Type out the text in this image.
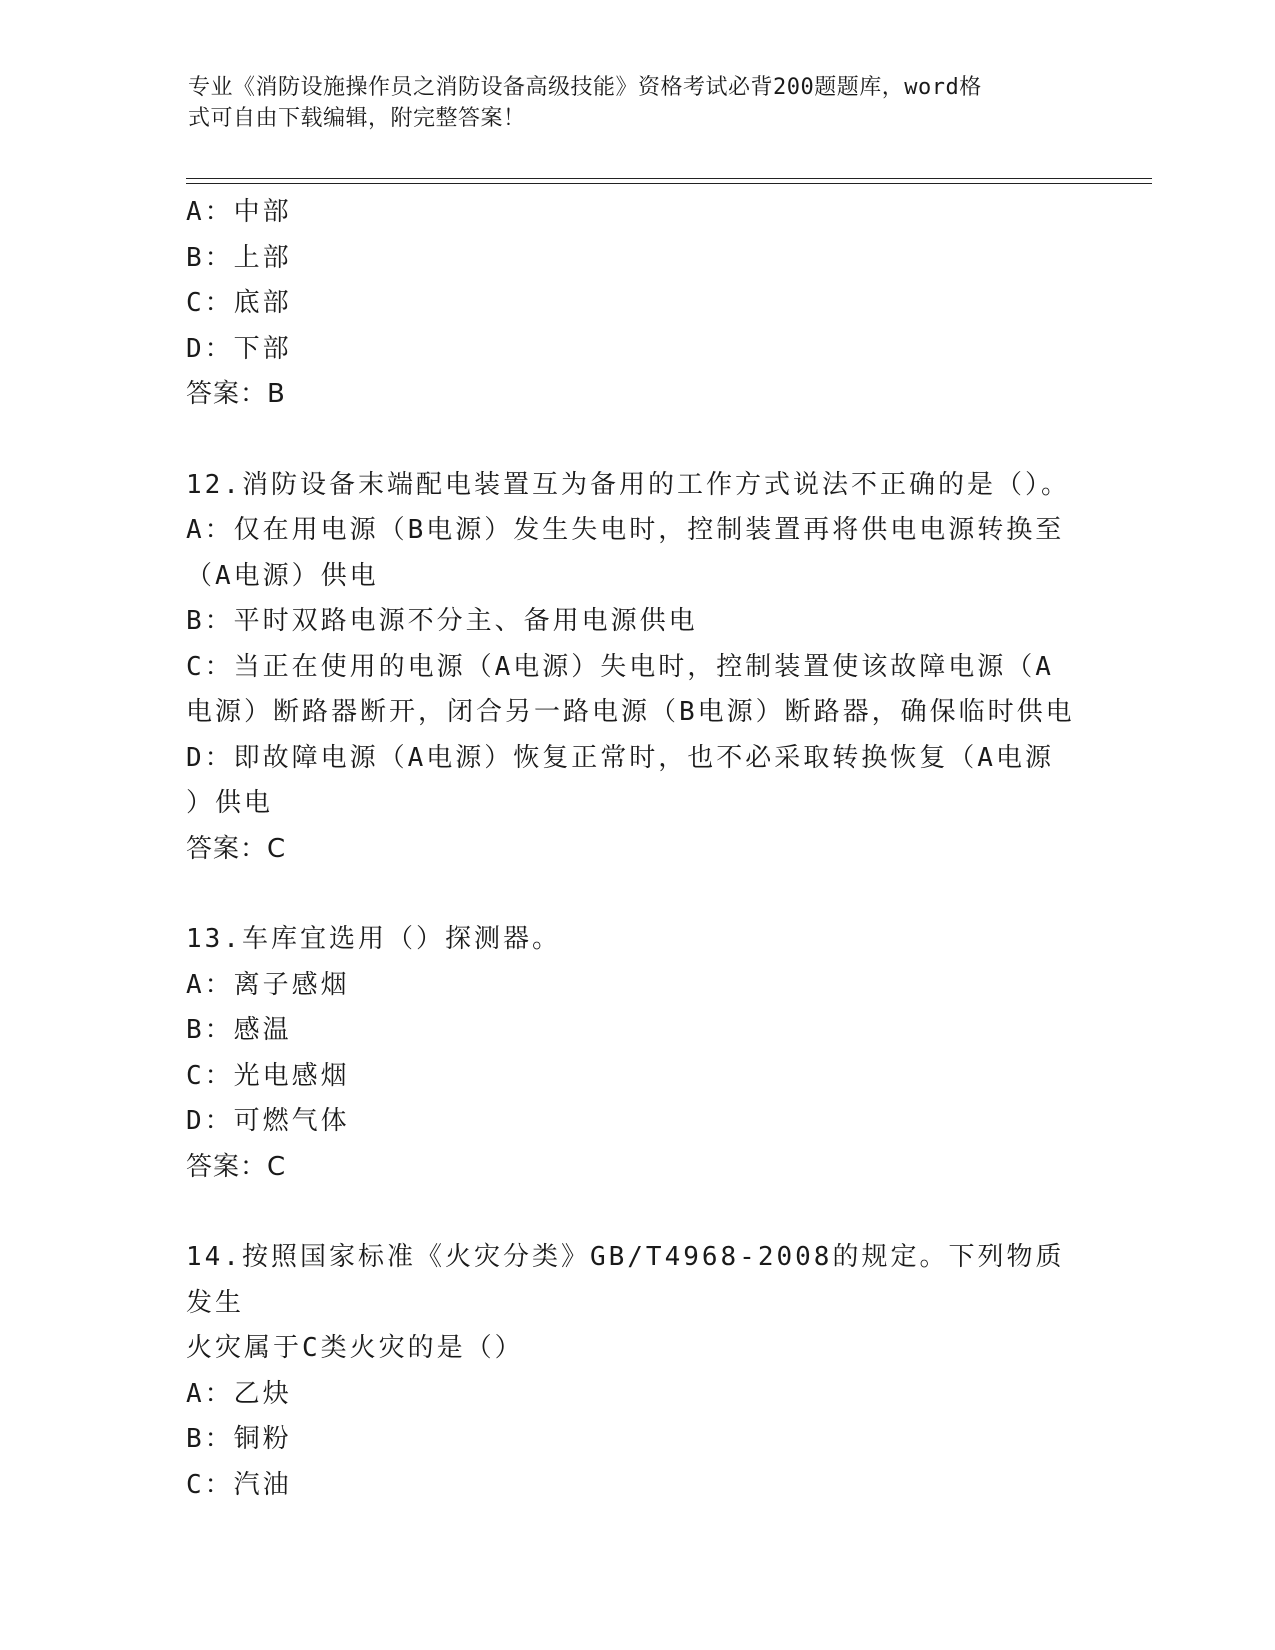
专业《消防设施操作员之消防设备高级技能》资格考试必背200题题库，word格
式可自由下载编辑，附完整答案！
A：中部
B：上部
C：底部
D：下部
答案：B
12.消防设备末端配电装置互为备用的工作方式说法不正确的是（）。
A：仅在用电源（B电源）发生失电时，控制装置再将供电电源转换至
（A电源）供电
B：平时双路电源不分主、备用电源供电
C：当正在使用的电源（A电源）失电时，控制装置使该故障电源（A
电源）断路器断开，闭合另一路电源（B电源）断路器，确保临时供电
D：即故障电源（A电源）恢复正常时，也不必采取转换恢复（A电源
）供电
答案：C
13.车库宜选用（）探测器。
A：离子感烟
B：感温
C：光电感烟
D：可燃气体
答案：C
14.按照国家标准《火灾分类》GB/T4968-2008的规定。下列物质发生
火灾属于C类火灾的是（）
A：乙炔
B：铜粉
C：汽油
